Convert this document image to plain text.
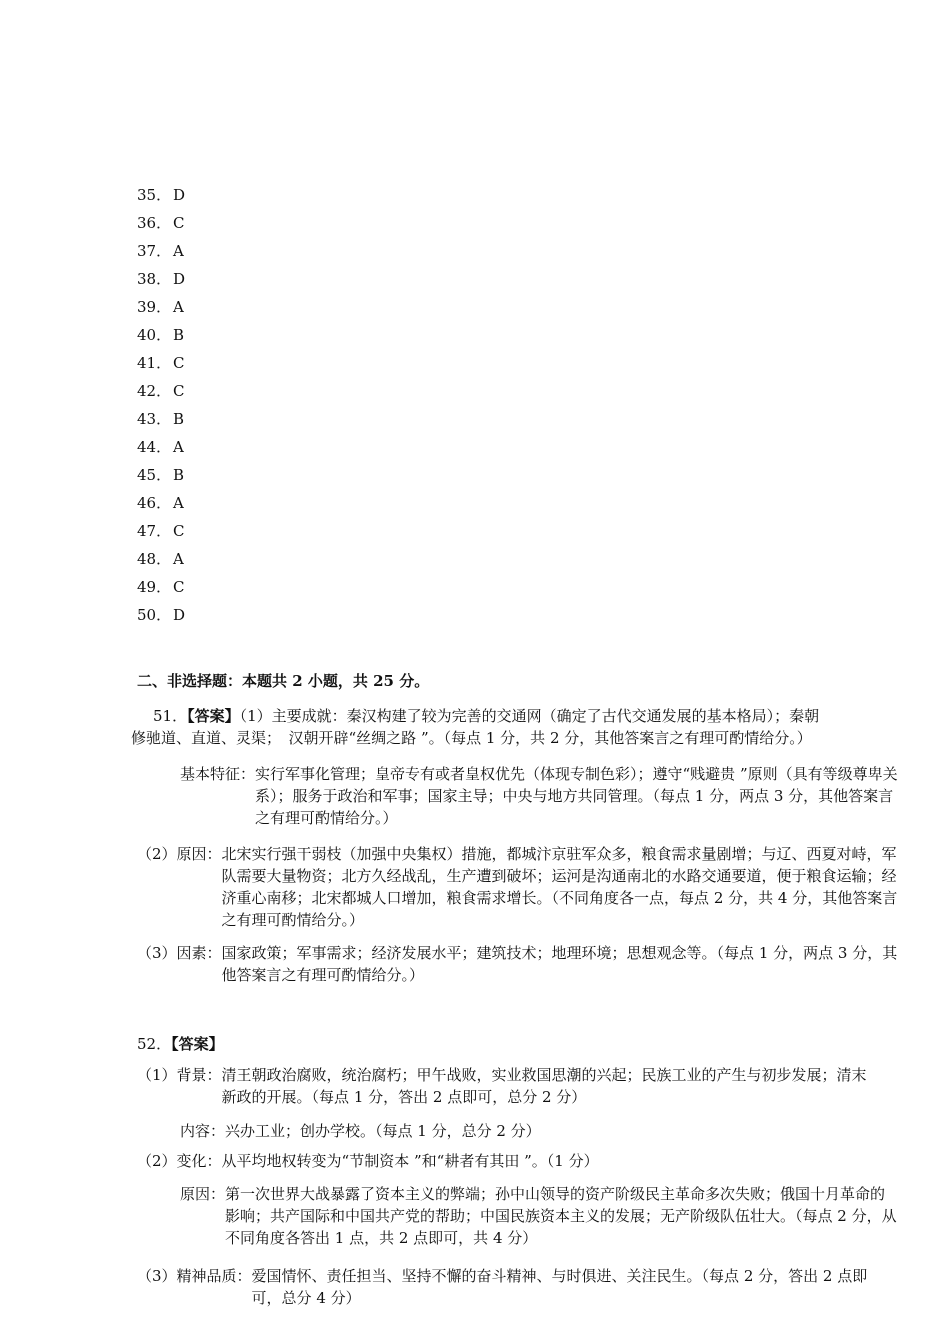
35． D
36． C
37． A
38． D
39． A
40． B
41． C
42． C
43． B
44． A
45． B
46． A
47． C
48． A
49． C
50． D
二、非选择题：本题共 2 小题，共 25 分。
51．【答案】（1）主要成就：秦汉构建了较为完善的交通网（确定了古代交通发展的基本格局）；秦朝
修驰道、直道、灵渠；　汉朝开辟“丝绸之路 ”。（每点 1 分，共 2 分，其他答案言之有理可酌情给分。）
基本特征： 实行军事化管理；皇帝专有或者皇权优先（体现专制色彩）；遵守“贱避贵 ”原则（具有等级尊卑关系）；服务于政治和军事；国家主导；中央与地方共同管理。（每点 1 分，两点 3 分，其他答案言之有理可酌情给分。）
（2）原因： 北宋实行强干弱枝（加强中央集权）措施，都城汴京驻军众多，粮食需求量剧增；与辽、西夏对峙，军队需要大量物资；北方久经战乱，生产遭到破坏；运河是沟通南北的水路交通要道，便于粮食运输；经济重心南移；北宋都城人口增加，粮食需求增长。（不同角度各一点，每点 2 分，共 4 分，其他答案言之有理可酌情给分。）
（3）因素： 国家政策；军事需求；经济发展水平；建筑技术；地理环境；思想观念等。（每点 1 分，两点 3 分，其他答案言之有理可酌情给分。）
52．【答案】
（1）背景： 清王朝政治腐败，统治腐朽；甲午战败，实业救国思潮的兴起；民族工业的产生与初步发展；清末新政的开展。（每点 1 分，答出 2 点即可，总分 2 分）
内容：兴办工业；创办学校。（每点 1 分，总分 2 分）
（2）变化：从平均地权转变为“节制资本 ”和“耕者有其田 ”。（1 分）
原因： 第一次世界大战暴露了资本主义的弊端；孙中山领导的资产阶级民主革命多次失败；俄国十月革命的影响；共产国际和中国共产党的帮助；中国民族资本主义的发展；无产阶级队伍壮大。（每点 2 分，从不同角度各答出 1 点，共 2 点即可，共 4 分）
（3）精神品质： 爱国情怀、责任担当、坚持不懈的奋斗精神、与时俱进、关注民生。（每点 2 分，答出 2 点即可，总分 4 分）
